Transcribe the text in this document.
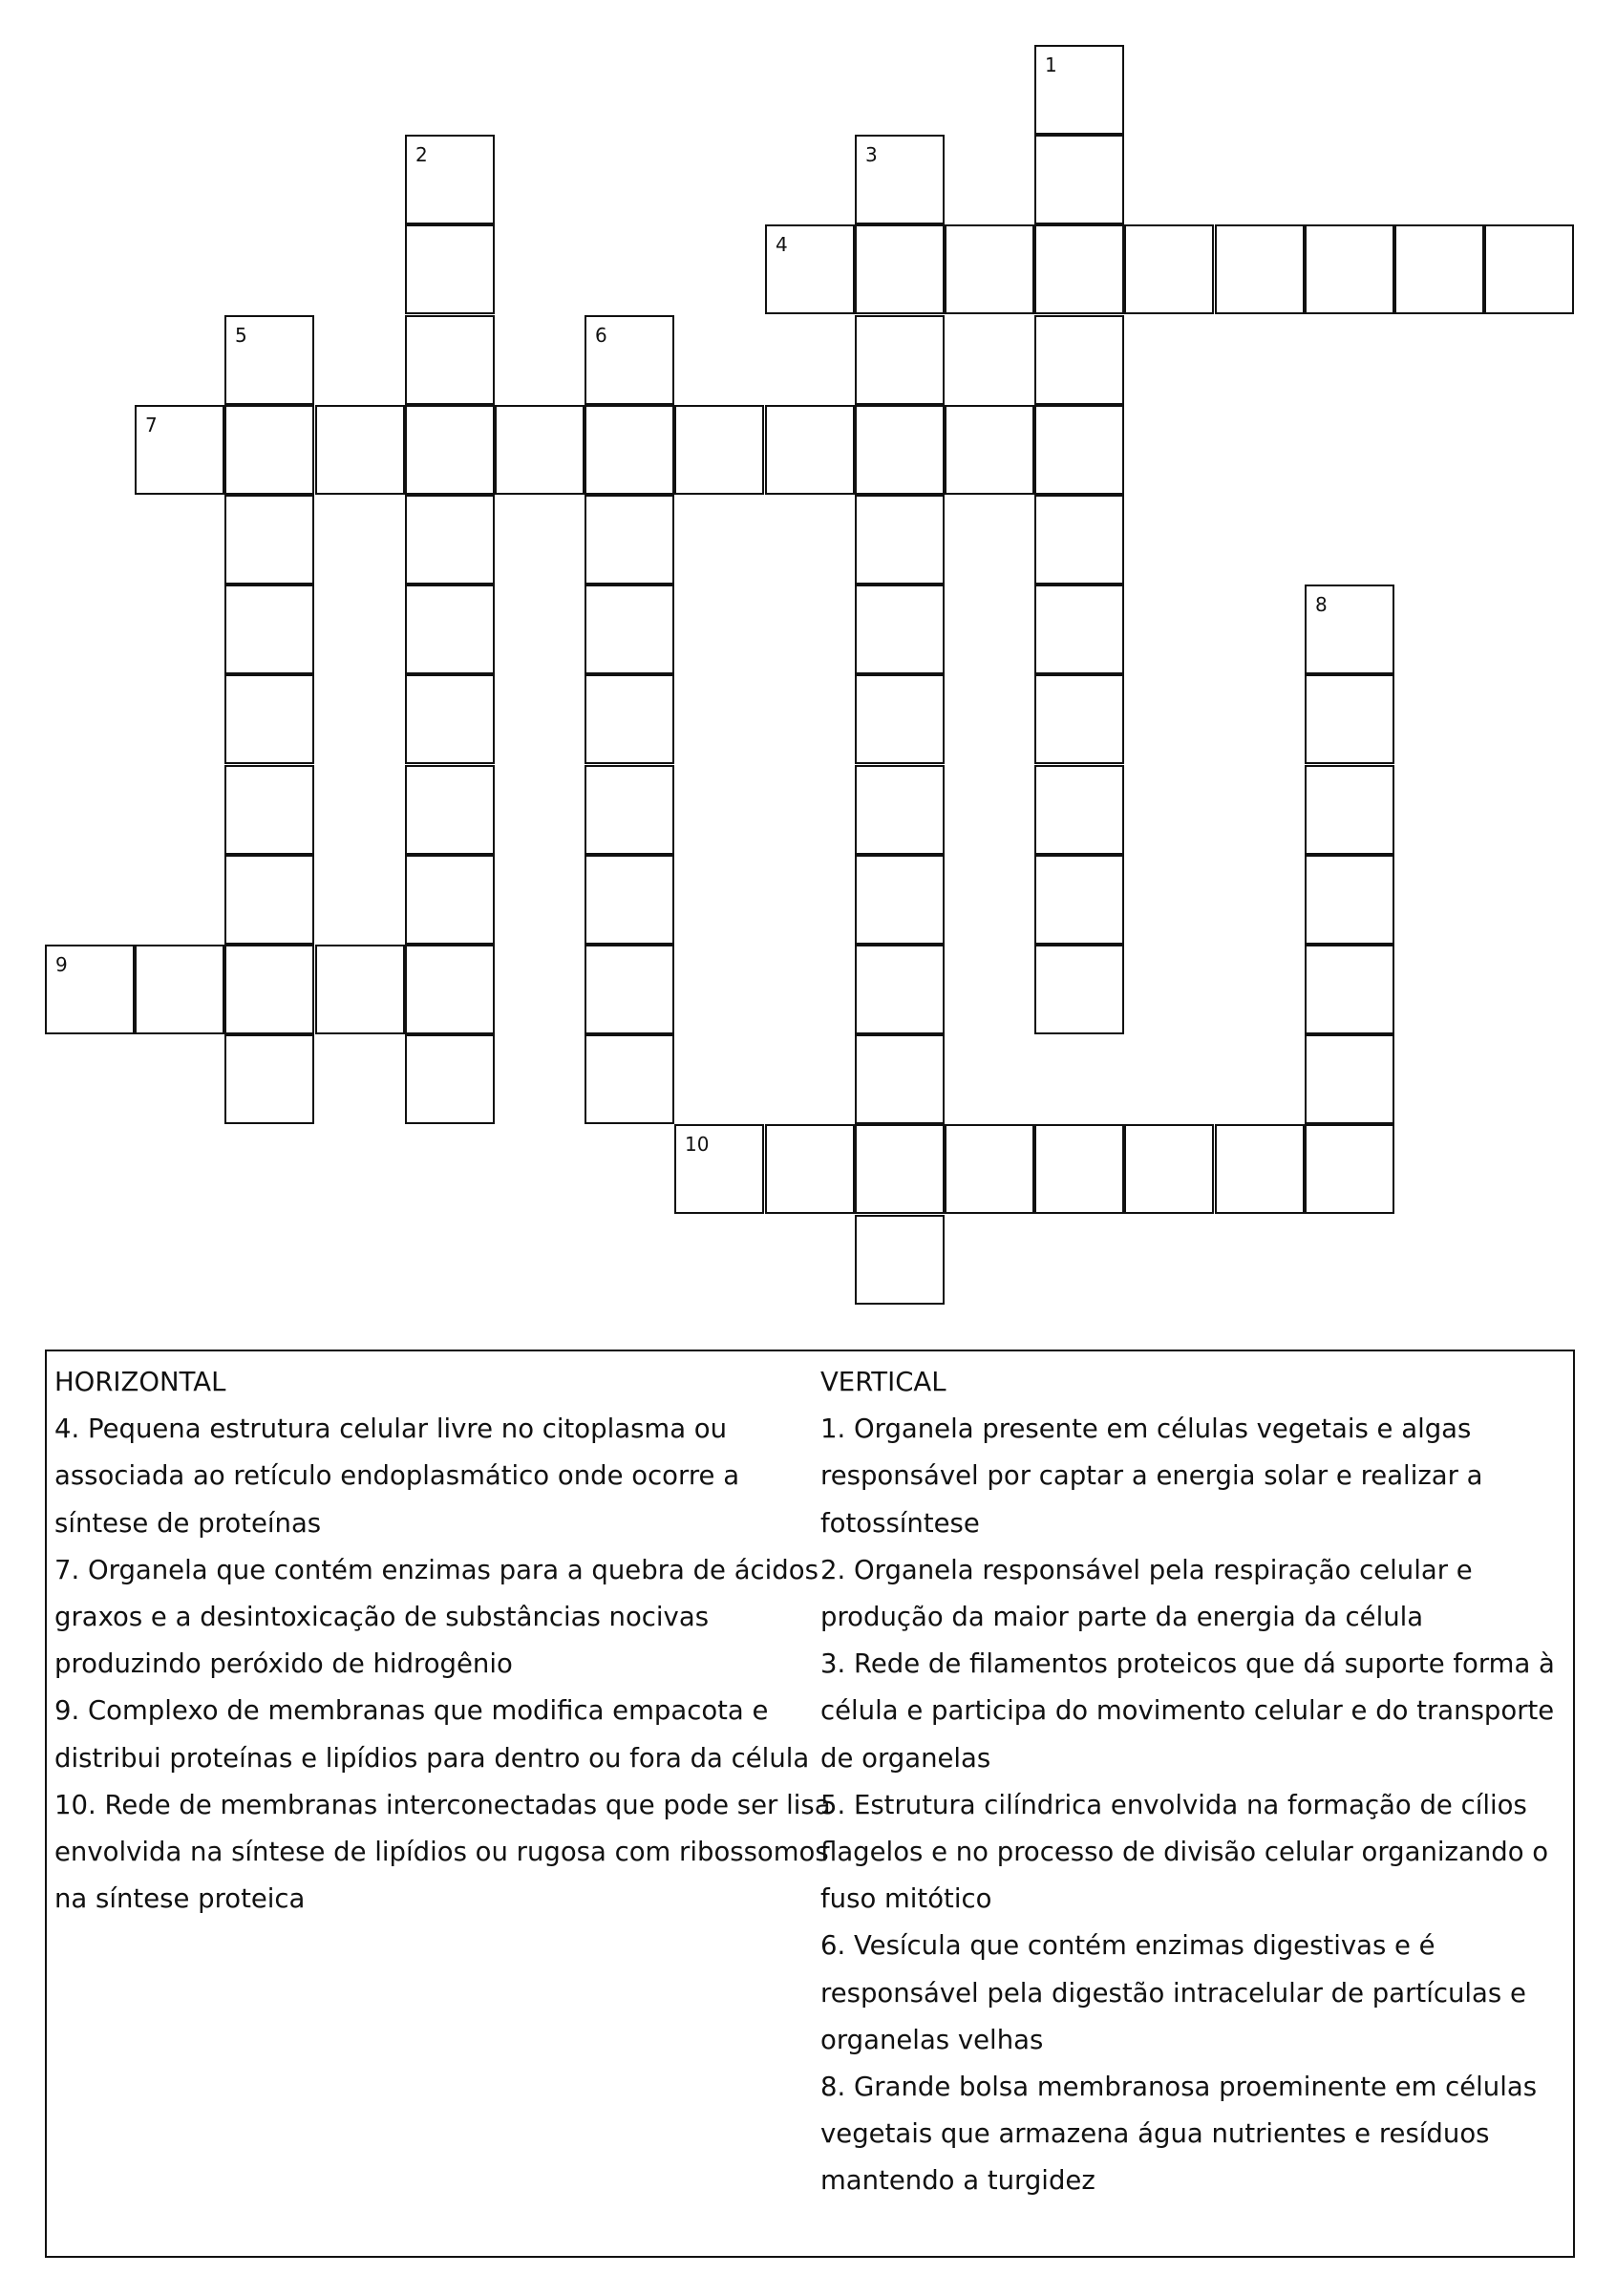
1
2	3
4
5	6
7
8
9
10
HORIZONTAL
4. Pequena estrutura celular livre no citoplasma ou
associada ao retículo endoplasmático onde ocorre a
síntese de proteínas
7. Organela que contém enzimas para a quebra de ácidos
graxos e a desintoxicação de substâncias nocivas
produzindo peróxido de hidrogênio
9. Complexo de membranas que modifica empacota e
distribui proteínas e lipídios para dentro ou fora da célula
10. Rede de membranas interconectadas que pode ser lisa
envolvida na síntese de lipídios ou rugosa com ribossomos
na síntese proteica
VERTICAL
1. Organela presente em células vegetais e algas
responsável por captar a energia solar e realizar a
fotossíntese
2. Organela responsável pela respiração celular e
produção da maior parte da energia da célula
3. Rede de filamentos proteicos que dá suporte forma à
célula e participa do movimento celular e do transporte
de organelas
5. Estrutura cilíndrica envolvida na formação de cílios
flagelos e no processo de divisão celular organizando o
fuso mitótico
6. Vesícula que contém enzimas digestivas e é
responsável pela digestão intracelular de partículas e
organelas velhas
8. Grande bolsa membranosa proeminente em células
vegetais que armazena água nutrientes e resíduos
mantendo a turgidez
